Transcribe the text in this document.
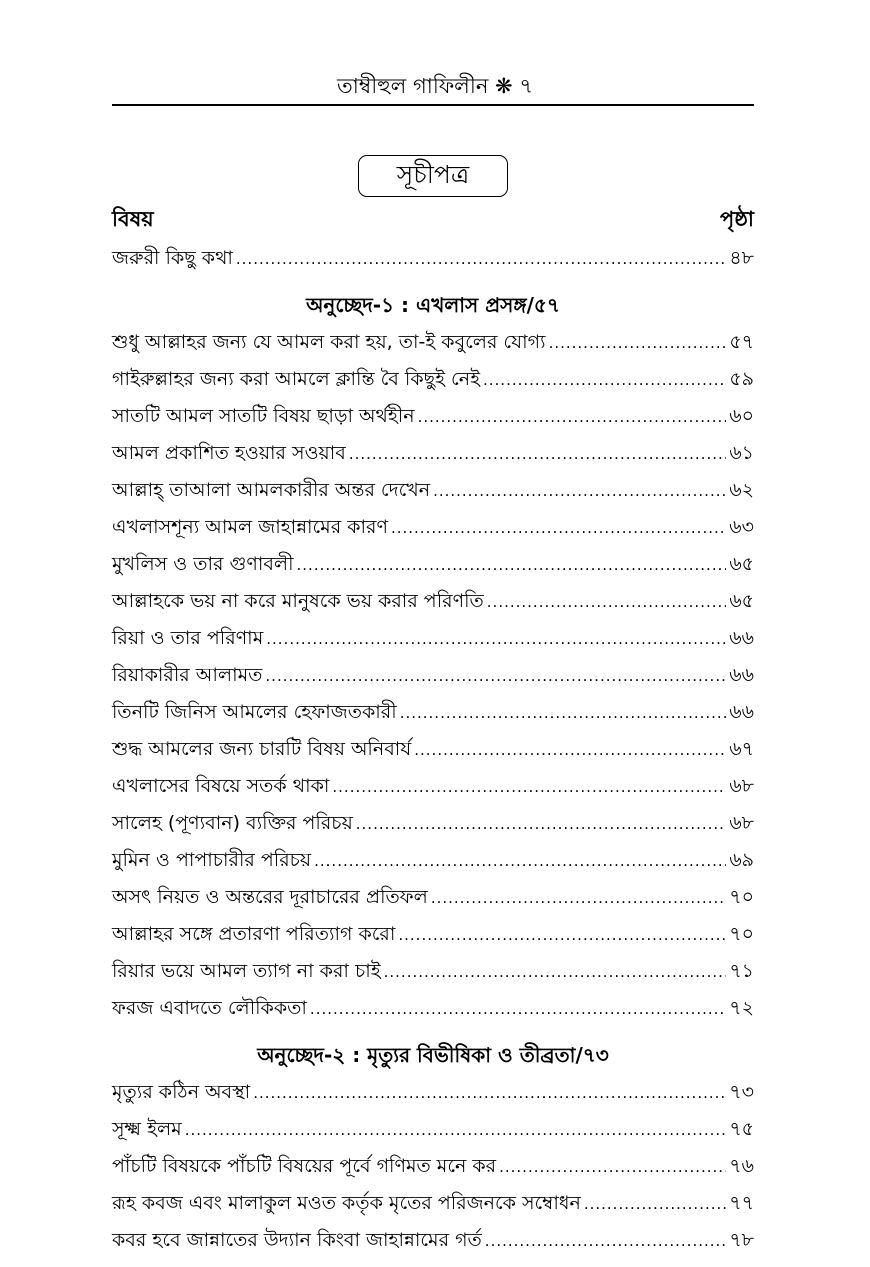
তাম্বীহুল গাফিলীন ❋ ৭
সূচীপত্র
বিষয়	পৃষ্ঠা
জরুরী কিছু কথা .....	৪৮
অনুচ্ছেদ-১ : এখলাস প্রসঙ্গ/৫৭
শুধু আল্লাহর জন্য যে আমল করা হয়, তা-ই কবুলের যোগ্য .....	৫৭
গাইরুল্লাহর জন্য করা আমলে ক্লান্তি বৈ কিছুই নেই .....	৫৯
সাতটি আমল সাতটি বিষয় ছাড়া অর্থহীন .....	৬০
আমল প্রকাশিত হওয়ার সওয়াব .....	৬১
আল্লাহ্ তাআলা আমলকারীর অন্তর দেখেন .....	৬২
এখলাসশূন্য আমল জাহান্নামের কারণ .....	৬৩
মুখলিস ও তার গুণাবলী .....	৬৫
আল্লাহকে ভয় না করে মানুষকে ভয় করার পরিণতি .....	৬৫
রিয়া ও তার পরিণাম .....	৬৬
রিয়াকারীর আলামত .....	৬৬
তিনটি জিনিস আমলের হেফাজতকারী .....	৬৬
শুদ্ধ আমলের জন্য চারটি বিষয় অনিবার্য .....	৬৭
এখলাসের বিষয়ে সতর্ক থাকা .....	৬৮
সালেহ (পূণ্যবান) ব্যক্তির পরিচয় .....	৬৮
মুমিন ও পাপাচারীর পরিচয় .....	৬৯
অসৎ নিয়ত ও অন্তরের দূরাচারের প্রতিফল .....	৭০
আল্লাহর সঙ্গে প্রতারণা পরিত্যাগ করো .....	৭০
রিয়ার ভয়ে আমল ত্যাগ না করা চাই .....	৭১
ফরজ এবাদতে লৌকিকতা .....	৭২
অনুচ্ছেদ-২ : মৃত্যুর বিভীষিকা ও তীব্রতা/৭৩
মৃত্যুর কঠিন অবস্থা .....	৭৩
সূক্ষ্ম ইলম .....	৭৫
পাঁচটি বিষয়কে পাঁচটি বিষয়ের পূর্বে গণিমত মনে কর .....	৭৬
রূহ কবজ এবং মালাকুল মওত কর্তৃক মৃতের পরিজনকে সম্বোধন .....	৭৭
কবর হবে জান্নাতের উদ্যান কিংবা জাহান্নামের গর্ত .....	৭৮
